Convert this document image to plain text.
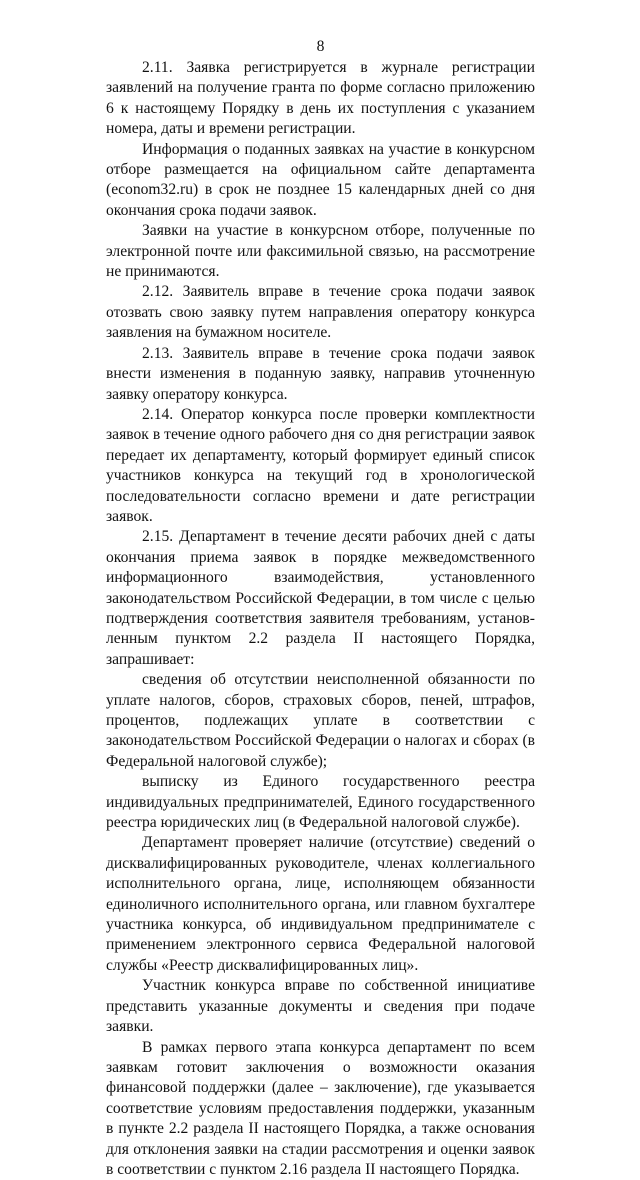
8

2.11. Заявка регистрируется в журнале регистрации заявлений на получение гранта по форме согласно приложению 6 к настоящему Порядку в день их поступления с указанием номера, даты и времени регистрации.

Информация о поданных заявках на участие в конкурсном отборе размещается на официальном сайте департамента (econom32.ru) в срок не позднее 15 календарных дней со дня окончания срока подачи заявок.

Заявки на участие в конкурсном отборе, полученные по электронной почте или факсимильной связью, на рассмотрение не принимаются.

2.12. Заявитель вправе в течение срока подачи заявок отозвать свою заявку путем направления оператору конкурса заявления на бумажном носителе.

2.13. Заявитель вправе в течение срока подачи заявок внести изменения в поданную заявку, направив уточненную заявку оператору конкурса.

2.14. Оператор конкурса после проверки комплектности заявок в течение одного рабочего дня со дня регистрации заявок передает их департаменту, который формирует единый список участников конкурса на текущий год в хронологической последовательности согласно времени и дате регистрации заявок.

2.15. Департамент в течение десяти рабочих дней с даты окончания приема заявок в порядке межведомственного информационного взаимодействия, установленного законодательством Российской Федерации, в том числе с целью подтверждения соответствия заявителя требованиям, установленным пунктом 2.2 раздела II настоящего Порядка, запрашивает:

сведения об отсутствии неисполненной обязанности по уплате налогов, сборов, страховых сборов, пеней, штрафов, процентов, подлежащих уплате в соответствии с законодательством Российской Федерации о налогах и сборах (в Федеральной налоговой службе);

выписку из Единого государственного реестра индивидуальных предпринимателей, Единого государственного реестра юридических лиц (в Федеральной налоговой службе).

Департамент проверяет наличие (отсутствие) сведений о дисквалифицированных руководителе, членах коллегиального исполнительного органа, лице, исполняющем обязанности единоличного исполнительного органа, или главном бухгалтере участника конкурса, об индивидуальном предпринимателе с применением электронного сервиса Федеральной налоговой службы «Реестр дисквалифицированных лиц».

Участник конкурса вправе по собственной инициативе представить указанные документы и сведения при подаче заявки.

В рамках первого этапа конкурса департамент по всем заявкам готовит заключения о возможности оказания финансовой поддержки (далее – заключение), где указывается соответствие условиям предоставления поддержки, указанным в пункте 2.2 раздела II настоящего Порядка, а также основания для отклонения заявки на стадии рассмотрения и оценки заявок в соответствии с пунктом 2.16 раздела II настоящего Порядка.
